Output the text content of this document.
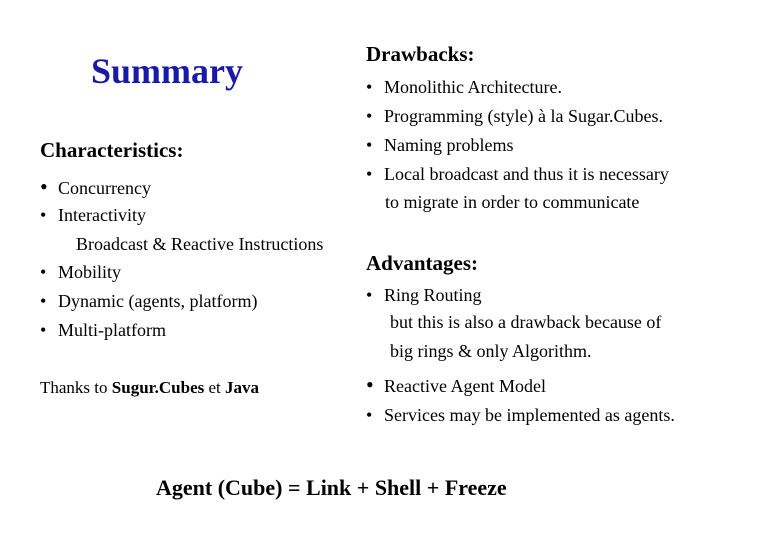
Summary
Characteristics:
• Concurrency
• Interactivity
Broadcast & Reactive Instructions
• Mobility
• Dynamic (agents, platform)
• Multi-platform
Thanks to Sugur.Cubes et Java
Drawbacks:
• Monolithic Architecture.
• Programming (style) à la Sugar.Cubes.
• Naming problems
• Local broadcast and thus it is necessary
to migrate in order to communicate
Advantages:
• Ring Routing
but this is also a drawback because of
big rings & only Algorithm.
• Reactive Agent Model
• Services may be implemented as agents.
Agent (Cube) = Link + Shell + Freeze
